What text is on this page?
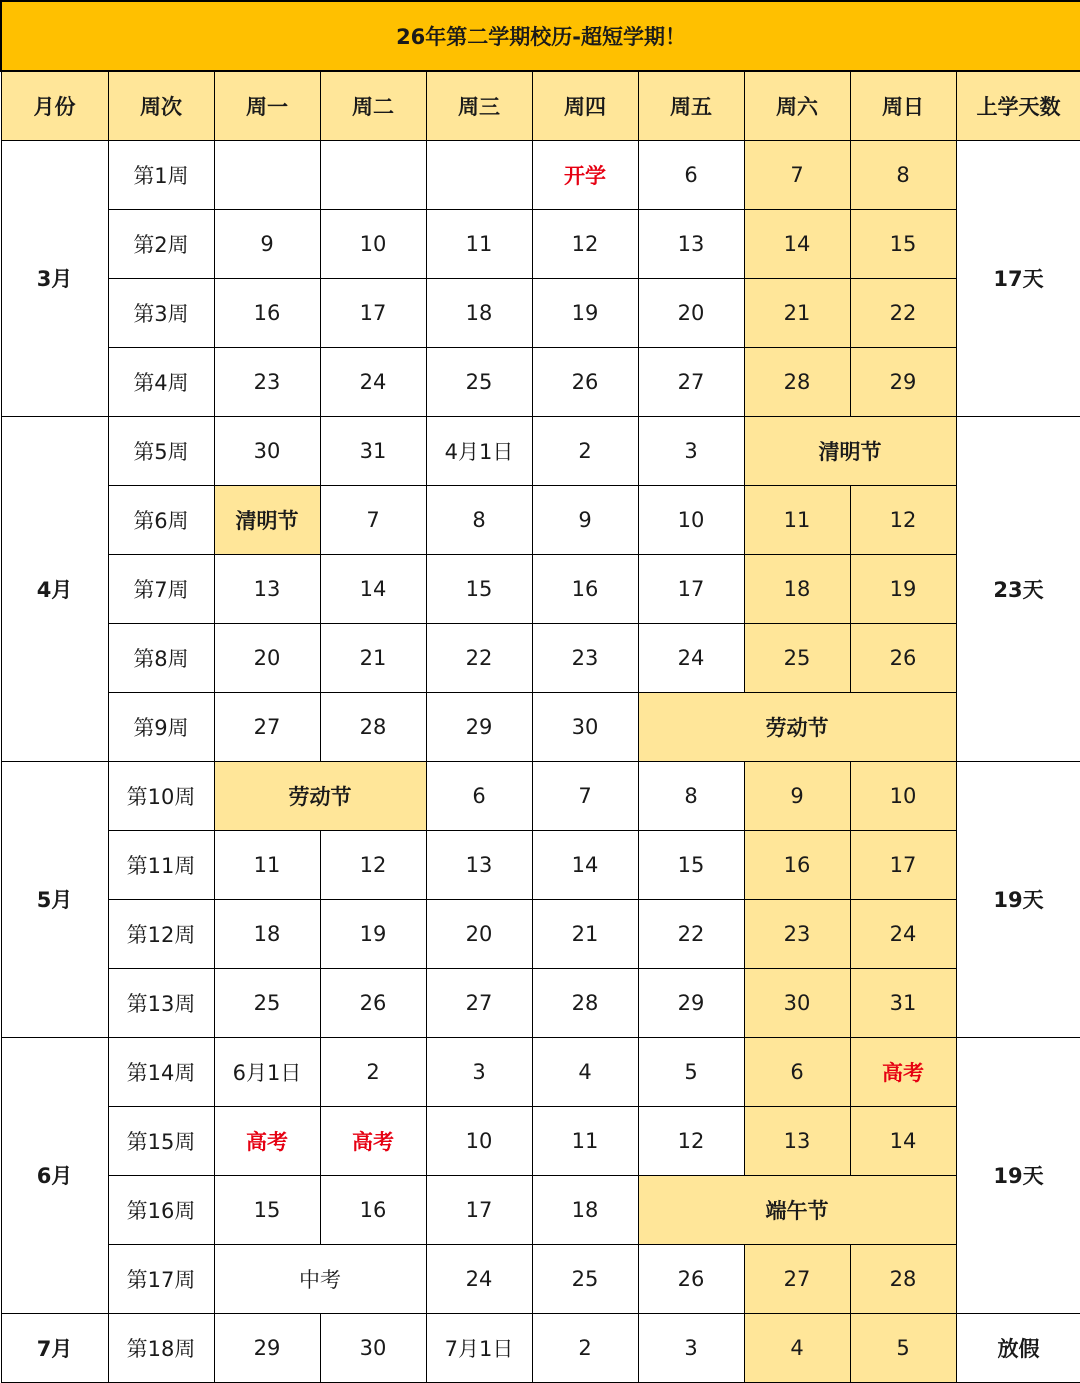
26年第二学期校历-超短学期！									
月份	周次	周一	周二	周三	周四	周五	周六	周日	上学天数
3月	第1周				开学	6	7	8	17天
	第2周	9	10	11	12	13	14	15	
	第3周	16	17	18	19	20	21	22	
	第4周	23	24	25	26	27	28	29	
4月	第5周	30	31	4月1日	2	3	清明节		23天
	第6周	清明节	7	8	9	10	11	12	
	第7周	13	14	15	16	17	18	19	
	第8周	20	21	22	23	24	25	26	
	第9周	27	28	29	30	劳动节			
5月	第10周	劳动节		6	7	8	9	10	19天
	第11周	11	12	13	14	15	16	17	
	第12周	18	19	20	21	22	23	24	
	第13周	25	26	27	28	29	30	31	
6月	第14周	6月1日	2	3	4	5	6	高考	19天
	第15周	高考	高考	10	11	12	13	14	
	第16周	15	16	17	18	端午节			
	第17周	中考		24	25	26	27	28	
7月	第18周	29	30	7月1日	2	3	4	5	放假
